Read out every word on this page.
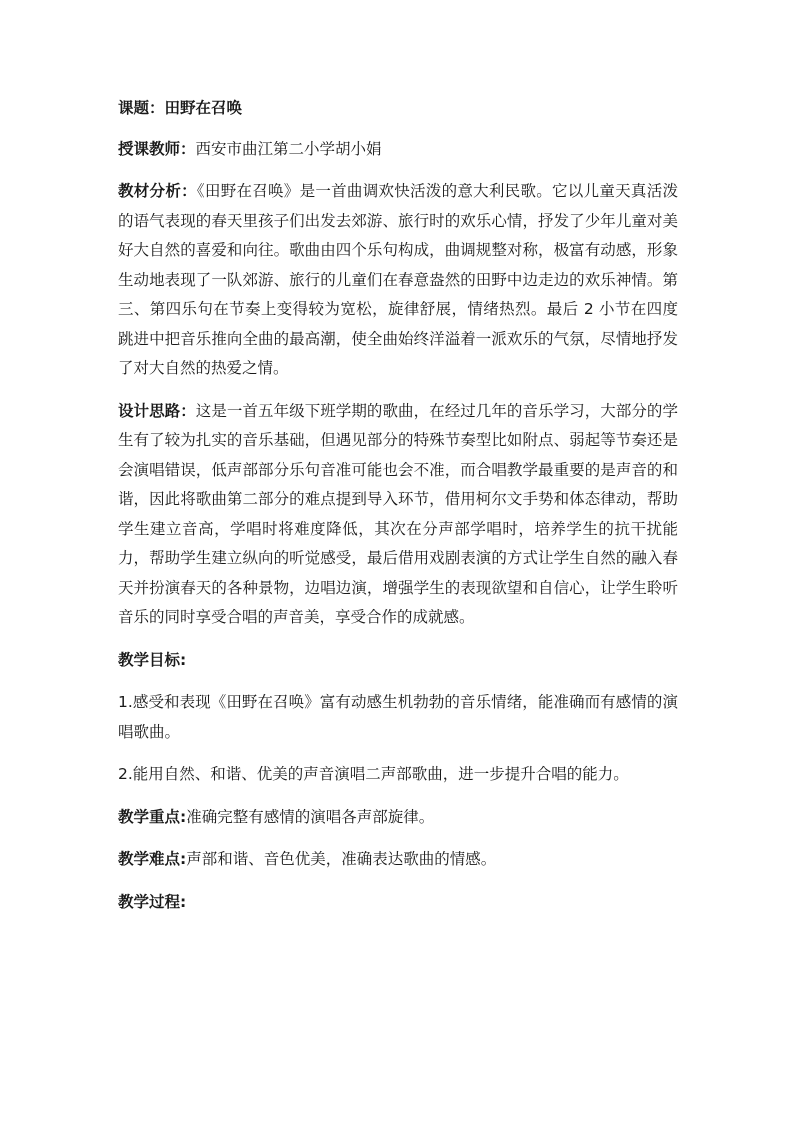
课题：田野在召唤

授课教师：西安市曲江第二小学胡小娟

教材分析：《田野在召唤》是一首曲调欢快活泼的意大利民歌。它以儿童天真活泼的语气表现的春天里孩子们出发去郊游、旅行时的欢乐心情，抒发了少年儿童对美好大自然的喜爱和向往。歌曲由四个乐句构成，曲调规整对称，极富有动感，形象生动地表现了一队郊游、旅行的儿童们在春意盎然的田野中边走边的欢乐神情。第三、第四乐句在节奏上变得较为宽松，旋律舒展，情绪热烈。最后 2 小节在四度跳进中把音乐推向全曲的最高潮，使全曲始终洋溢着一派欢乐的气氛，尽情地抒发了对大自然的热爱之情。

设计思路：这是一首五年级下班学期的歌曲，在经过几年的音乐学习，大部分的学生有了较为扎实的音乐基础，但遇见部分的特殊节奏型比如附点、弱起等节奏还是会演唱错误，低声部部分乐句音准可能也会不准，而合唱教学最重要的是声音的和谐，因此将歌曲第二部分的难点提到导入环节，借用柯尔文手势和体态律动，帮助学生建立音高，学唱时将难度降低，其次在分声部学唱时，培养学生的抗干扰能力，帮助学生建立纵向的听觉感受，最后借用戏剧表演的方式让学生自然的融入春天并扮演春天的各种景物，边唱边演，增强学生的表现欲望和自信心，让学生聆听音乐的同时享受合唱的声音美，享受合作的成就感。

教学目标:

1.感受和表现《田野在召唤》富有动感生机勃勃的音乐情绪，能准确而有感情的演唱歌曲。

2.能用自然、和谐、优美的声音演唱二声部歌曲，进一步提升合唱的能力。

教学重点:准确完整有感情的演唱各声部旋律。

教学难点:声部和谐、音色优美，准确表达歌曲的情感。

教学过程:
